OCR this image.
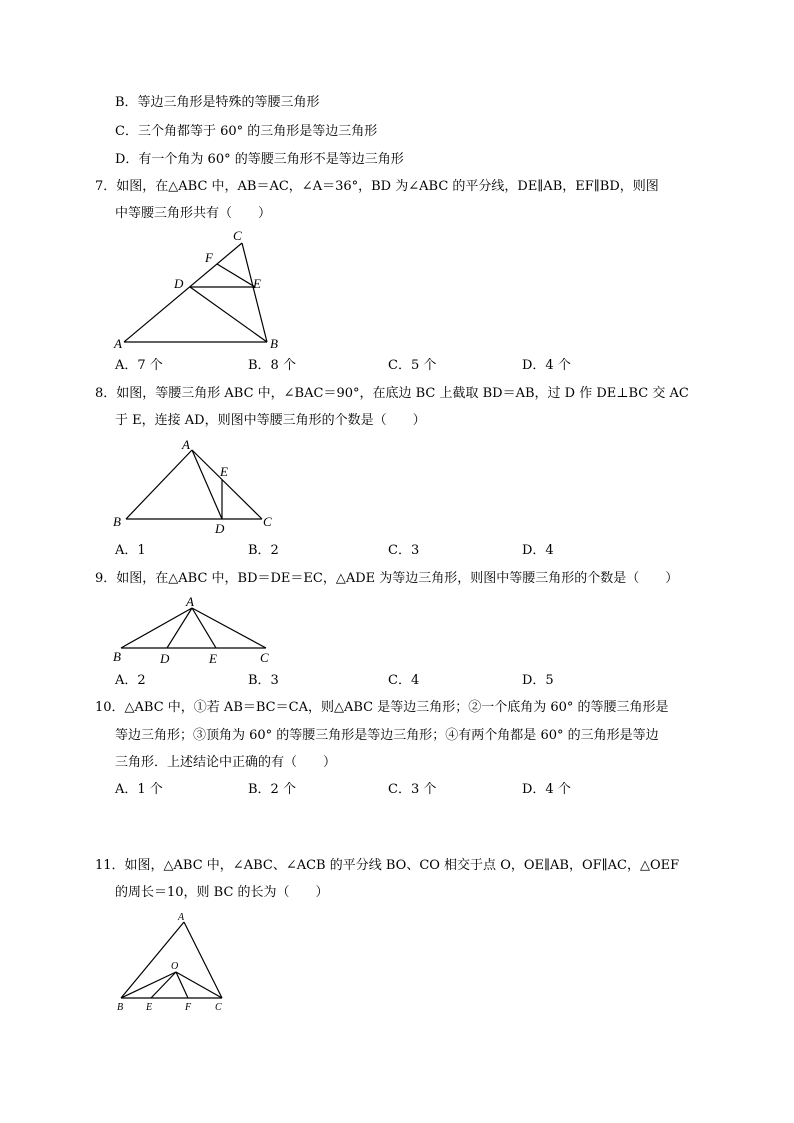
B．等边三角形是特殊的等腰三角形
C．三个角都等于 60° 的三角形是等边三角形
D．有一个角为 60° 的等腰三角形不是等边三角形
7．如图，在△ABC 中，AB＝AC，∠A＝36°，BD 为∠ABC 的平分线，DE∥AB，EF∥BD，则图
中等腰三角形共有（　　）
C
F
D	E
A	B
A．7 个	B．8 个	C．5 个	D．4 个
8．如图，等腰三角形 ABC 中，∠BAC＝90°，在底边 BC 上截取 BD＝AB，过 D 作 DE⊥BC 交 AC
于 E，连接 AD，则图中等腰三角形的个数是（　　）
A
E
B	D	C
A．1	B．2	C．3	D．4
9．如图，在△ABC 中，BD＝DE＝EC，△ADE 为等边三角形，则图中等腰三角形的个数是（　　）
A
B	D	E	C
A．2	B．3	C．4	D．5
10．△ABC 中，①若 AB＝BC＝CA，则△ABC 是等边三角形；②一个底角为 60° 的等腰三角形是
等边三角形；③顶角为 60° 的等腰三角形是等边三角形；④有两个角都是 60° 的三角形是等边
三角形．上述结论中正确的有（　　）
A．1 个	B．2 个	C．3 个	D．4 个
11．如图，△ABC 中，∠ABC、∠ACB 的平分线 BO、CO 相交于点 O，OE∥AB，OF∥AC，△OEF
的周长＝10，则 BC 的长为（　　）
A
O
B E	F C
